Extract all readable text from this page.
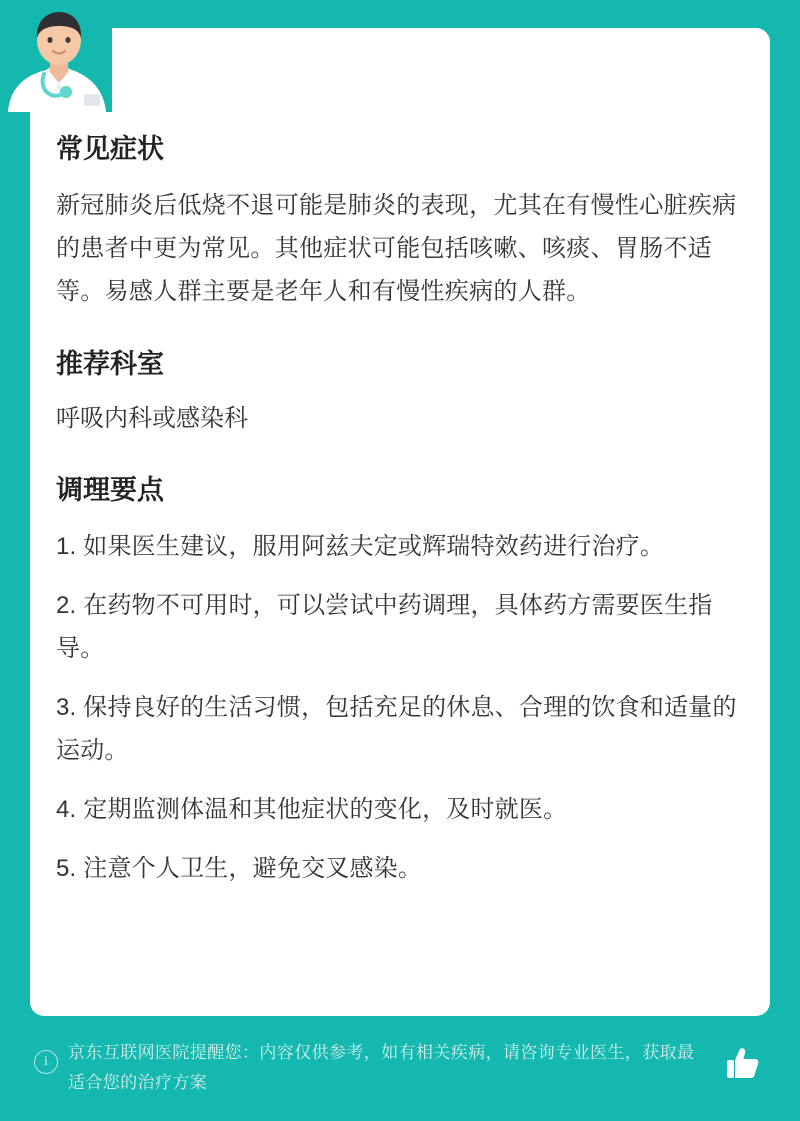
常见症状

新冠肺炎后低烧不退可能是肺炎的表现，尤其在有慢性心脏疾病的患者中更为常见。其他症状可能包括咳嗽、咳痰、胃肠不适等。易感人群主要是老年人和有慢性疾病的人群。

推荐科室

呼吸内科或感染科

调理要点
1. 如果医生建议，服用阿兹夫定或辉瑞特效药进行治疗。
2. 在药物不可用时，可以尝试中药调理，具体药方需要医生指导。
3. 保持良好的生活习惯，包括充足的休息、合理的饮食和适量的运动。
4. 定期监测体温和其他症状的变化，及时就医。
5. 注意个人卫生，避免交叉感染。
新冠肺炎后低烧不退指南
i	京东互联网医院提醒您：内容仅供参考，如有相关疾病，请咨询专业医生，获取最适合您的治疗方案
